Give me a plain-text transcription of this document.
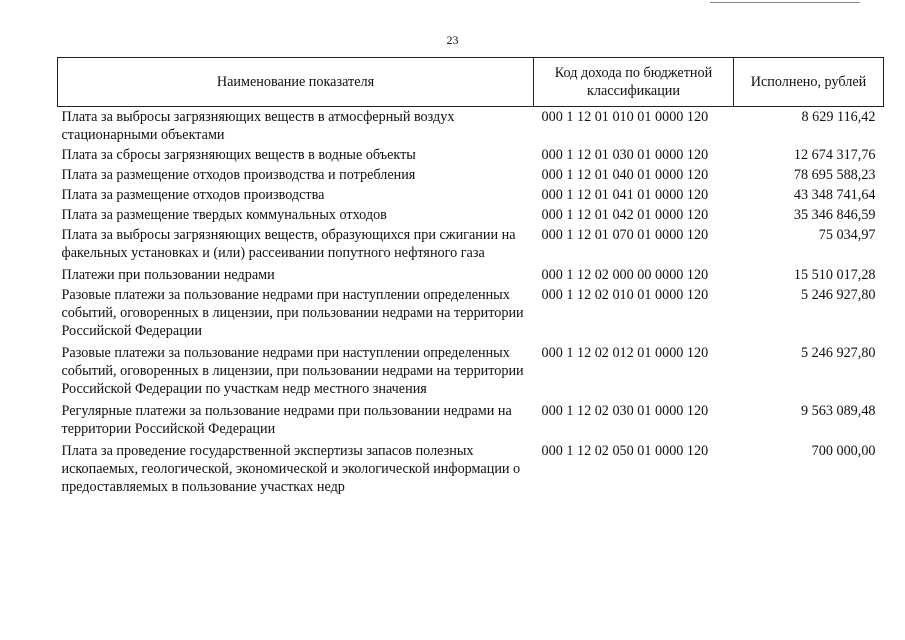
23
Наименование показателя	Код дохода по бюджетной классификации	Исполнено, рублей
Плата за выбросы загрязняющих веществ в атмосферный воздух стационарными объектами	000 1 12 01 010 01 0000 120	8 629 116,42
Плата за сбросы загрязняющих веществ в водные объекты	000 1 12 01 030 01 0000 120	12 674 317,76
Плата за размещение отходов производства и потребления	000 1 12 01 040 01 0000 120	78 695 588,23
Плата за размещение отходов производства	000 1 12 01 041 01 0000 120	43 348 741,64
Плата за размещение твердых коммунальных отходов	000 1 12 01 042 01 0000 120	35 346 846,59
Плата за выбросы загрязняющих веществ, образующихся при сжигании на факельных установках и (или) рассеивании попутного нефтяного газа	000 1 12 01 070 01 0000 120	75 034,97
Платежи при пользовании недрами	000 1 12 02 000 00 0000 120	15 510 017,28
Разовые платежи за пользование недрами при наступлении определенных событий, оговоренных в лицензии, при пользовании недрами на территории Российской Федерации	000 1 12 02 010 01 0000 120	5 246 927,80
Разовые платежи за пользование недрами при наступлении определенных событий, оговоренных в лицензии, при пользовании недрами на территории Российской Федерации по участкам недр местного значения	000 1 12 02 012 01 0000 120	5 246 927,80
Регулярные платежи за пользование недрами при пользовании недрами на территории Российской Федерации	000 1 12 02 030 01 0000 120	9 563 089,48
Плата за проведение государственной экспертизы запасов полезных ископаемых, геологической, экономической и экологической информации о предоставляемых в пользование участках недр	000 1 12 02 050 01 0000 120	700 000,00
